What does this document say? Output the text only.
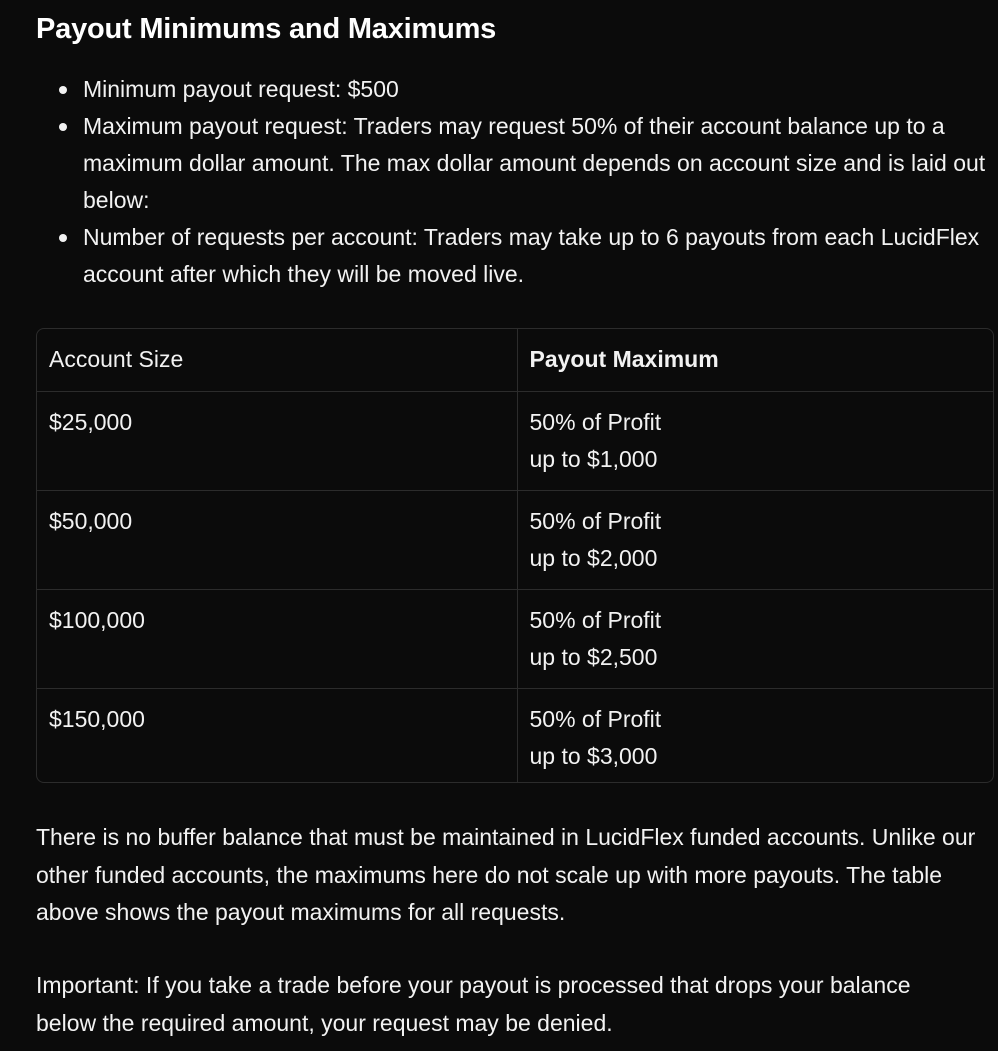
Payout Minimums and Maximums
Minimum payout request: $500
Maximum payout request: Traders may request 50% of their account balance up to a maximum dollar amount. The max dollar amount depends on account size and is laid out below:
Number of requests per account: Traders may take up to 6 payouts from each LucidFlex account after which they will be moved live.
Account Size	Payout Maximum
$25,000	50% of Profit
up to $1,000

$50,000	50% of Profit
up to $2,000

$100,000	50% of Profit
up to $2,500

$150,000	50% of Profit
up to $3,000

There is no buffer balance that must be maintained in LucidFlex funded accounts. Unlike our other funded accounts, the maximums here do not scale up with more payouts. The table above shows the payout maximums for all requests.

Important: If you take a trade before your payout is processed that drops your balance below the required amount, your request may be denied.
